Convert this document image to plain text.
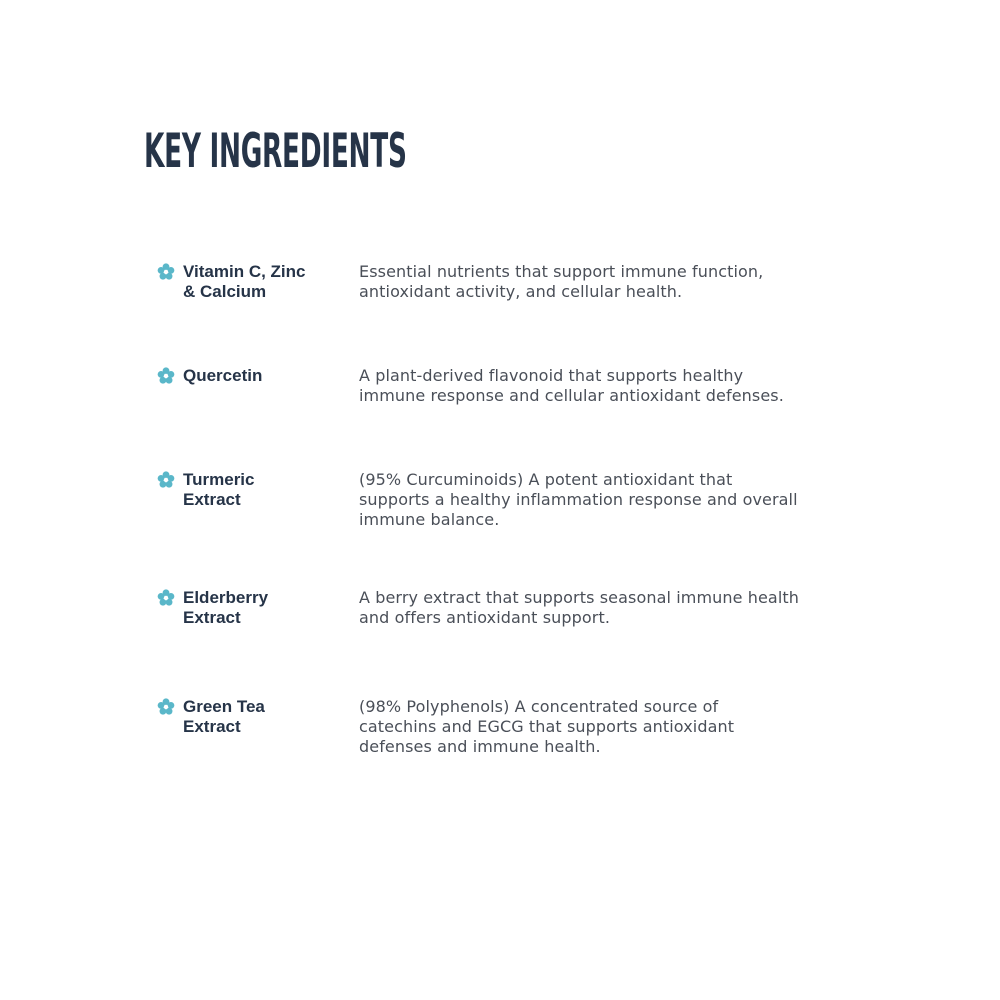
KEY INGREDIENTS
Vitamin C, Zinc
& Calcium
Essential nutrients that support immune function,
antioxidant activity, and cellular health.
Quercetin	A plant-derived flavonoid that supports healthy
immune response and cellular antioxidant defenses.
Turmeric
Extract
(95% Curcuminoids) A potent antioxidant that
supports a healthy inflammation response and overall
immune balance.
Elderberry
Extract
A berry extract that supports seasonal immune health
and offers antioxidant support.
Green Tea
Extract
(98% Polyphenols) A concentrated source of
catechins and EGCG that supports antioxidant
defenses and immune health.
